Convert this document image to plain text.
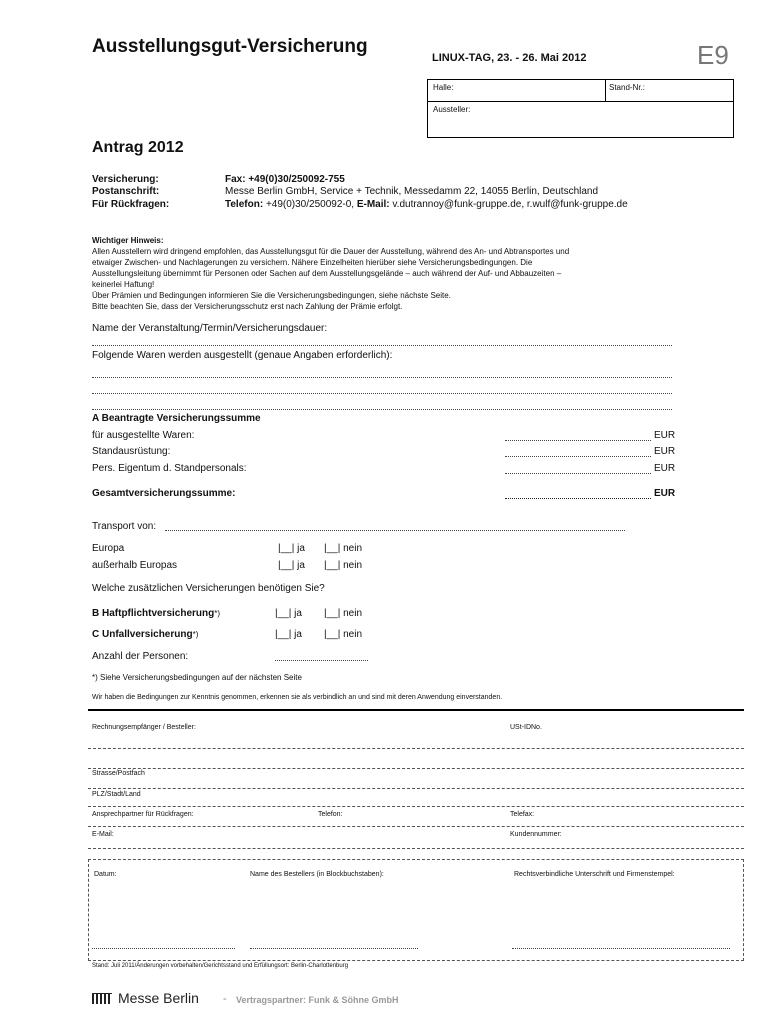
Ausstellungsgut-Versicherung
LINUX-TAG, 23. - 26. Mai 2012	E9
Halle:	Stand-Nr.:
Aussteller:
Antrag 2012
Versicherung:	Fax: +49(0)30/250092-755
Postanschrift:	Messe Berlin GmbH, Service + Technik, Messedamm 22, 14055 Berlin, Deutschland
Für Rückfragen:	Telefon: +49(0)30/250092-0, E-Mail: v.dutrannoy@funk-gruppe.de, r.wulf@funk-gruppe.de
Wichtiger Hinweis:
Allen Ausstellern wird dringend empfohlen, das Ausstellungsgut für die Dauer der Ausstellung, während des An- und Abtransportes und
etwaiger Zwischen- und Nachlagerungen zu versichern. Nähere Einzelheiten hierüber siehe Versicherungsbedingungen. Die
Ausstellungsleitung übernimmt für Personen oder Sachen auf dem Ausstellungsgelände – auch während der Auf- und Abbauzeiten –
keinerlei Haftung!
Über Prämien und Bedingungen informieren Sie die Versicherungsbedingungen, siehe nächste Seite.
Bitte beachten Sie, dass der Versicherungsschutz erst nach Zahlung der Prämie erfolgt.
Name der Veranstaltung/Termin/Versicherungsdauer:
Folgende Waren werden ausgestellt (genaue Angaben erforderlich):
A Beantragte Versicherungssumme
für ausgestellte Waren:	EUR
Standausrüstung:	EUR
Pers. Eigentum d. Standpersonals:	EUR
Gesamtversicherungssumme:	EUR
Transport von:
Europa	|__| ja |__| nein
außerhalb Europas	|__| ja |__| nein
Welche zusätzlichen Versicherungen benötigen Sie?
B Haftpflichtversicherung*)	|__| ja |__| nein
C Unfallversicherung*)	|__| ja |__| nein
Anzahl der Personen:
*) Siehe Versicherungsbedingungen auf der nächsten Seite
Wir haben die Bedingungen zur Kenntnis genommen, erkennen sie als verbindlich an und sind mit deren Anwendung einverstanden.
Rechnungsempfänger / Besteller:	USt-IDNo.
Strasse/Postfach
PLZ/Stadt/Land
Ansprechpartner für Rückfragen:	Telefon:	Telefax:
E-Mail:	Kundennummer:
Datum:	Name des Bestellers (in Blockbuchstaben):	Rechtsverbindliche Unterschrift und Firmenstempel:
Stand: Juli 2011/Änderungen vorbehalten/Gerichtsstand und Erfüllungsort: Berlin-Charlottenburg
Messe Berlin - Vertragspartner: Funk & Söhne GmbH
